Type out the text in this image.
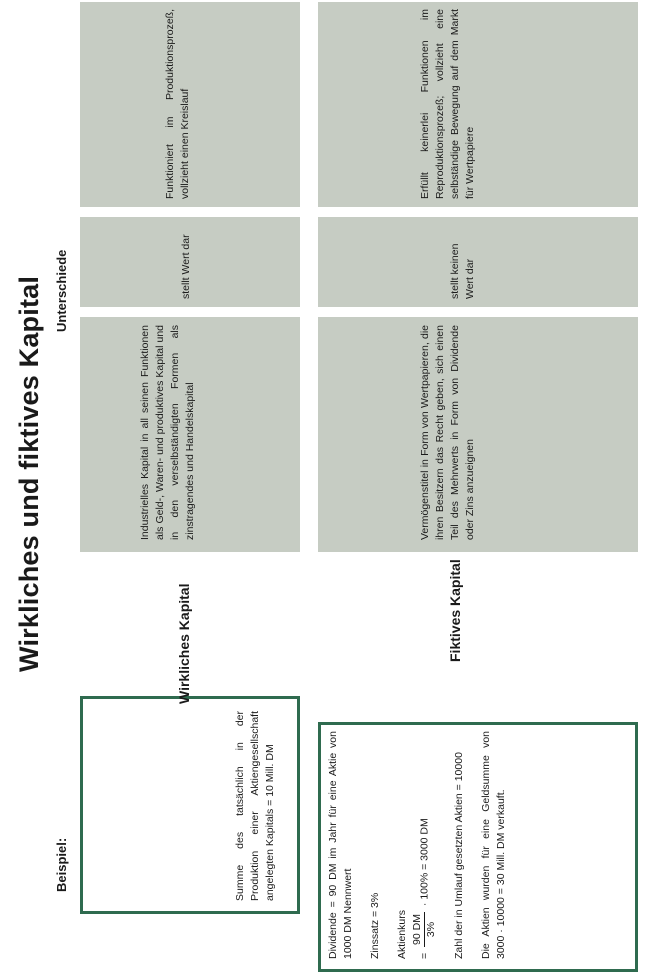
Wirkliches und fiktives Kapital
Beispiel:
Unterschiede

Summe des tatsächlich in der Produktion einer Aktiengesellschaft angelegten Kapitals = 10 Mill. DM

Wirkliches Kapital

Industrielles Kapital in all seinen Funktionen als Geld-, Waren- und produktives Kapital und in den verselbständigten Formen als zinstragendes und Handelskapital

stellt Wert dar

Funktioniert im Produktionsprozeß, vollzieht einen Kreislauf

Dividende = 90 DM im Jahr für eine Aktie von 1000 DM Nennwert Zinssatz = 3% Aktienkurs =
90 DM 3%
· 100% = 3000 DM	Zahl der in Umlauf gesetzten Aktien = 10000 Die Aktien wurden für eine Geldsumme von 3000 · 10000 = 30 Mill. DM verkauft.

Fiktives Kapital

Vermögenstitel in Form von Wertpapieren, die ihren Besitzern das Recht geben, sich einen Teil des Mehrwerts in Form von Dividende oder Zins anzueignen

stellt keinen Wert dar

Erfüllt keinerlei Funktionen im Reproduktionsprozeß; vollzieht eine selbständige Bewegung auf dem Markt für Wertpapiere
